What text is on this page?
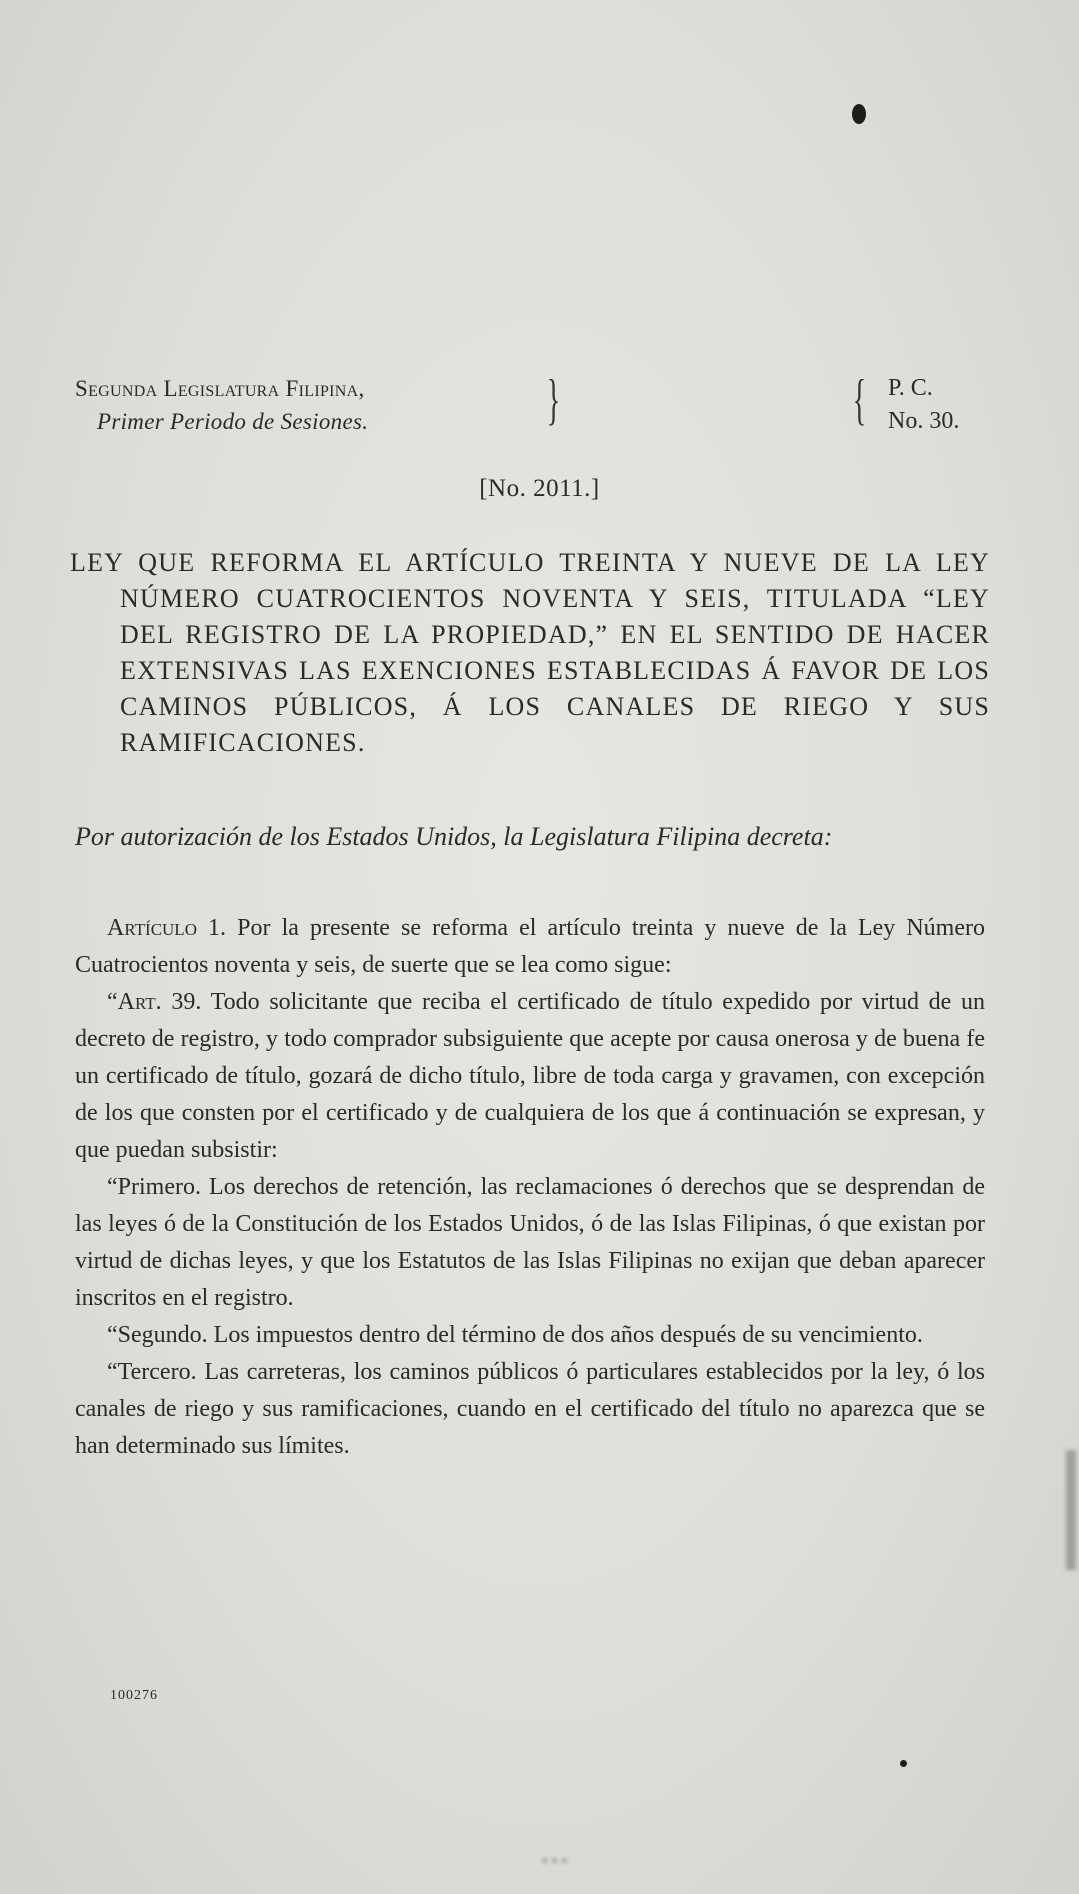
Segunda Legislatura Filipina,
Primer Periodo de Sesiones.	}	{ P. C.
No. 30.
[No. 2011.]
LEY QUE REFORMA EL ARTÍCULO TREINTA Y NUEVE DE LA LEY NÚMERO CUATROCIENTOS NOVENTA Y SEIS, TITULADA “LEY DEL REGISTRO DE LA PROPIEDAD,” EN EL SENTIDO DE HACER EXTENSIVAS LAS EXENCIONES ESTABLECIDAS Á FAVOR DE LOS CAMINOS PÚBLICOS, Á LOS CANALES DE RIEGO Y SUS RAMIFICACIONES.
Por autorización de los Estados Unidos, la Legislatura Filipina decreta:

Artículo 1. Por la presente se reforma el artículo treinta y nueve de la Ley Número Cuatrocientos noventa y seis, de suerte que se lea como sigue:

“Art. 39. Todo solicitante que reciba el certificado de título expedido por virtud de un decreto de registro, y todo comprador subsiguiente que acepte por causa onerosa y de buena fe un certificado de título, gozará de dicho título, libre de toda carga y gravamen, con excepción de los que consten por el certificado y de cualquiera de los que á continuación se expresan, y que puedan subsistir:

“Primero. Los derechos de retención, las reclamaciones ó derechos que se desprendan de las leyes ó de la Constitución de los Estados Unidos, ó de las Islas Filipinas, ó que existan por virtud de dichas leyes, y que los Estatutos de las Islas Filipinas no exijan que deban aparecer inscritos en el registro.

“Segundo. Los impuestos dentro del término de dos años después de su vencimiento.

“Tercero. Las carreteras, los caminos públicos ó particulares establecidos por la ley, ó los canales de riego y sus ramificaciones, cuando en el certificado del título no aparezca que se han determinado sus límites.

100276
•••
